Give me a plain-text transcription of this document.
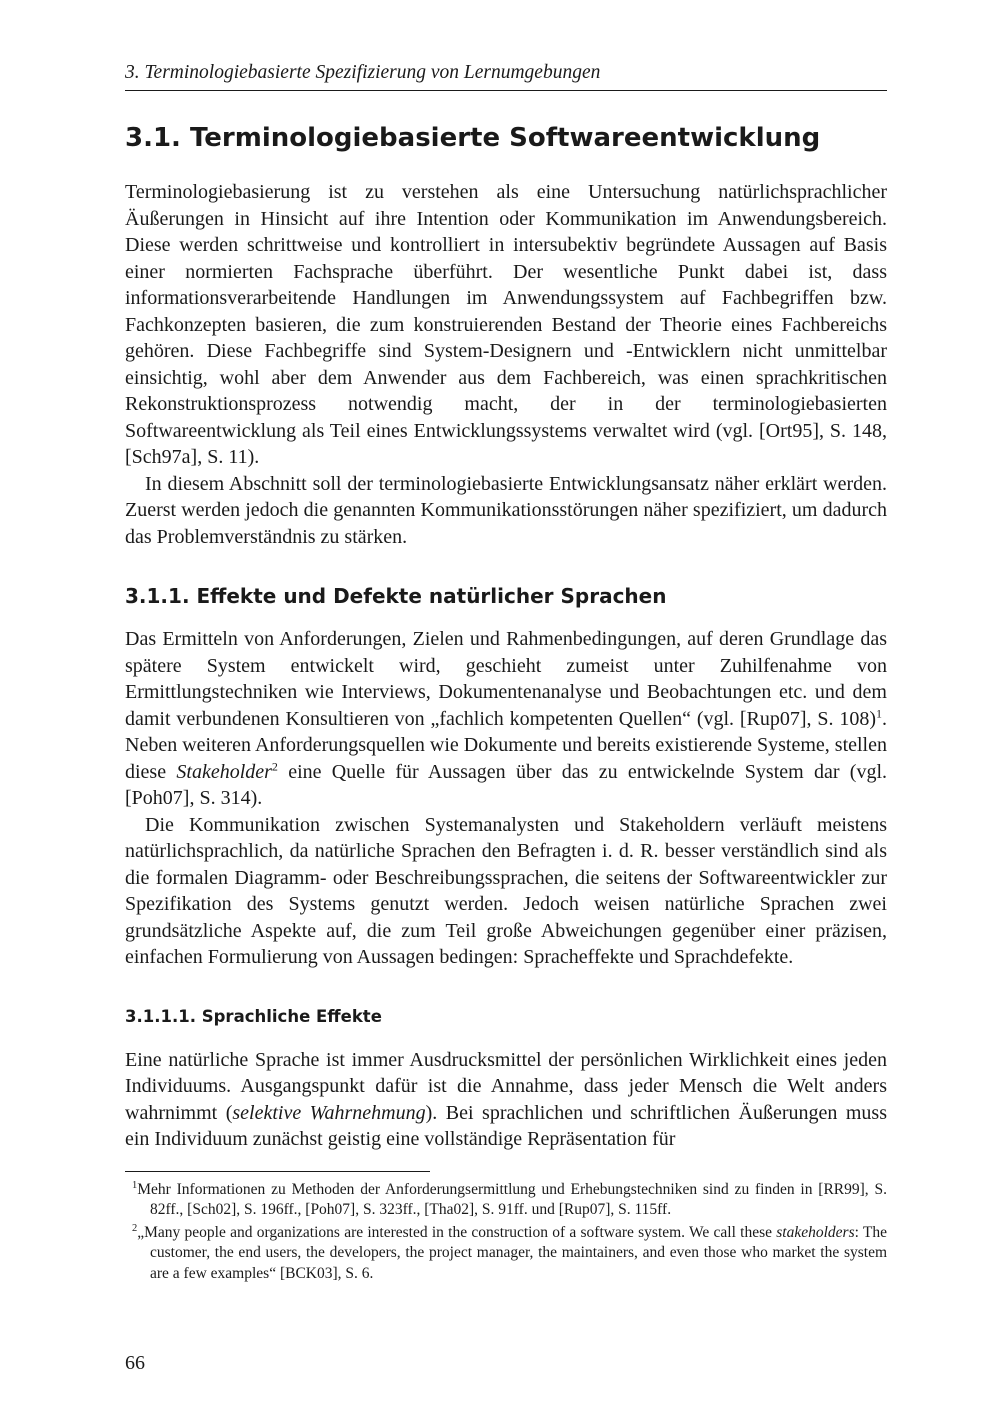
3. Terminologiebasierte Spezifizierung von Lernumgebungen
3.1. Terminologiebasierte Softwareentwicklung

Terminologiebasierung ist zu verstehen als eine Untersuchung natürlichsprachlicher Äußerungen in Hinsicht auf ihre Intention oder Kommunikation im Anwendungsbereich. Diese werden schrittweise und kontrolliert in intersubektiv begründete Aussagen auf Basis einer normierten Fachsprache überführt. Der wesentliche Punkt dabei ist, dass informationsverarbeitende Handlungen im Anwendungssystem auf Fachbegriffen bzw. Fachkonzepten basieren, die zum konstruierenden Bestand der Theorie eines Fachbereichs gehören. Diese Fachbegriffe sind System-Designern und -Entwicklern nicht unmittelbar einsichtig, wohl aber dem Anwender aus dem Fachbereich, was einen sprachkritischen Rekonstruktionsprozess notwendig macht, der in der terminologiebasierten Softwareentwicklung als Teil eines Entwicklungssystems verwaltet wird (vgl. [Ort95], S. 148, [Sch97a], S. 11).

In diesem Abschnitt soll der terminologiebasierte Entwicklungsansatz näher erklärt werden. Zuerst werden jedoch die genannten Kommunikationsstörungen näher spezifiziert, um dadurch das Problemverständnis zu stärken.

3.1.1. Effekte und Defekte natürlicher Sprachen

Das Ermitteln von Anforderungen, Zielen und Rahmenbedingungen, auf deren Grundlage das spätere System entwickelt wird, geschieht zumeist unter Zuhilfenahme von Ermittlungstechniken wie Interviews, Dokumentenanalyse und Beobachtungen etc. und dem damit verbundenen Konsultieren von „fachlich kompetenten Quellen“ (vgl. [Rup07], S. 108)$^1$. Neben weiteren Anforderungsquellen wie Dokumente und bereits existierende Systeme, stellen diese Stakeholder$^2$ eine Quelle für Aussagen über das zu entwickelnde System dar (vgl. [Poh07], S. 314).

Die Kommunikation zwischen Systemanalysten und Stakeholdern verläuft meistens natürlichsprachlich, da natürliche Sprachen den Befragten i. d. R. besser verständlich sind als die formalen Diagramm- oder Beschreibungssprachen, die seitens der Softwareentwickler zur Spezifikation des Systems genutzt werden. Jedoch weisen natürliche Sprachen zwei grundsätzliche Aspekte auf, die zum Teil große Abweichungen gegenüber einer präzisen, einfachen Formulierung von Aussagen bedingen: Spracheffekte und Sprachdefekte.

3.1.1.1. Sprachliche Effekte

Eine natürliche Sprache ist immer Ausdrucksmittel der persönlichen Wirklichkeit eines jeden Individuums. Ausgangspunkt dafür ist die Annahme, dass jeder Mensch die Welt anders wahrnimmt (selektive Wahrnehmung). Bei sprachlichen und schriftlichen Äußerungen muss ein Individuum zunächst geistig eine vollständige Repräsentation für

$^1$Mehr Informationen zu Methoden der Anforderungsermittlung und Erhebungstechniken sind zu finden in [RR99], S. 82ff., [Sch02], S. 196ff., [Poh07], S. 323ff., [Tha02], S. 91ff. und [Rup07], S. 115ff.
$^2$„Many people and organizations are interested in the construction of a software system. We call these stakeholders: The customer, the end users, the developers, the project manager, the maintainers, and even those who market the system are a few examples“ [BCK03], S. 6.
66
